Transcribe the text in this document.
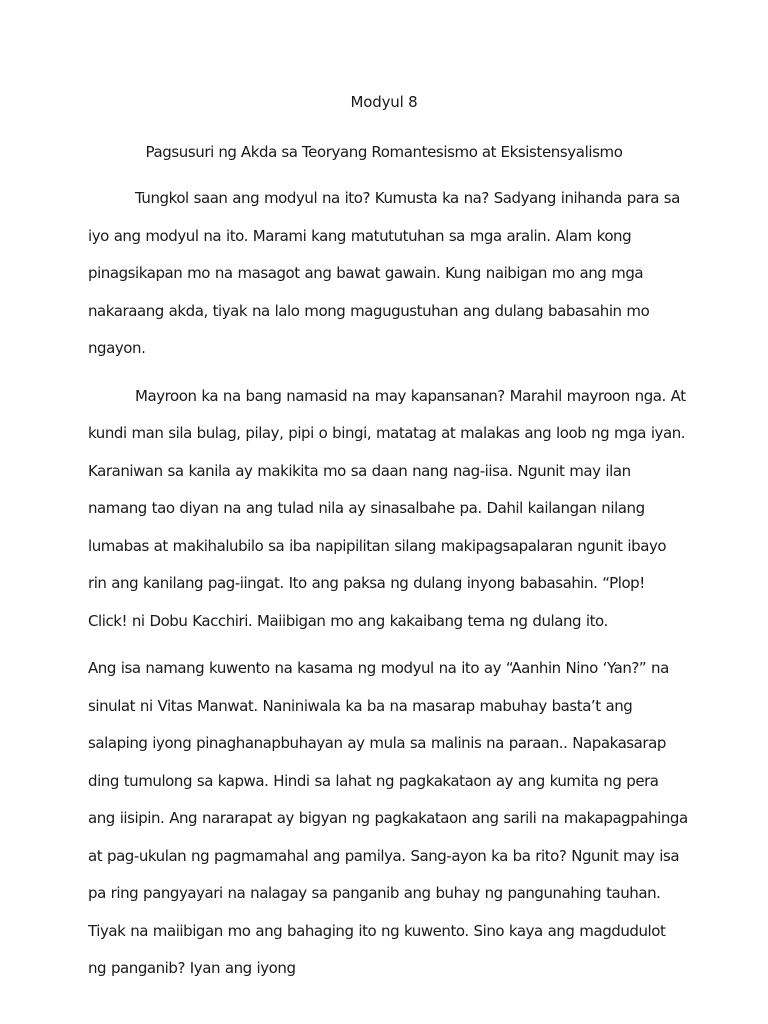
Modyul 8
Pagsusuri ng Akda sa Teoryang Romantesismo at Eksistensyalismo

Tungkol saan ang modyul na ito? Kumusta ka na? Sadyang inihanda para sa iyo ang modyul na ito. Marami kang matututuhan sa mga aralin. Alam kong pinagsikapan mo na masagot ang bawat gawain. Kung naibigan mo ang mga nakaraang akda, tiyak na lalo mong magugustuhan ang dulang babasahin mo ngayon.

Mayroon ka na bang namasid na may kapansanan? Marahil mayroon nga. At kundi man sila bulag, pilay, pipi o bingi, matatag at malakas ang loob ng mga iyan. Karaniwan sa kanila ay makikita mo sa daan nang nag-iisa. Ngunit may ilan namang tao diyan na ang tulad nila ay sinasalbahe pa. Dahil kailangan nilang lumabas at makihalubilo sa iba napipilitan silang makipagsapalaran ngunit ibayo rin ang kanilang pag-iingat. Ito ang paksa ng dulang inyong babasahin. “Plop! Click! ni Dobu Kacchiri. Maiibigan mo ang kakaibang tema ng dulang ito.

Ang isa namang kuwento na kasama ng modyul na ito ay “Aanhin Nino ‘Yan?” na sinulat ni Vitas Manwat. Naniniwala ka ba na masarap mabuhay basta’t ang salaping iyong pinaghanapbuhayan ay mula sa malinis na paraan.. Napakasarap ding tumulong sa kapwa. Hindi sa lahat ng pagkakataon ay ang kumita ng pera ang iisipin. Ang nararapat ay bigyan ng pagkakataon ang sarili na makapagpahinga at pag-ukulan ng pagmamahal ang pamilya. Sang-ayon ka ba rito? Ngunit may isa pa ring pangyayari na nalagay sa panganib ang buhay ng pangunahing tauhan. Tiyak na maiibigan mo ang bahaging ito ng kuwento. Sino kaya ang magdudulot ng panganib? Iyan ang iyong
